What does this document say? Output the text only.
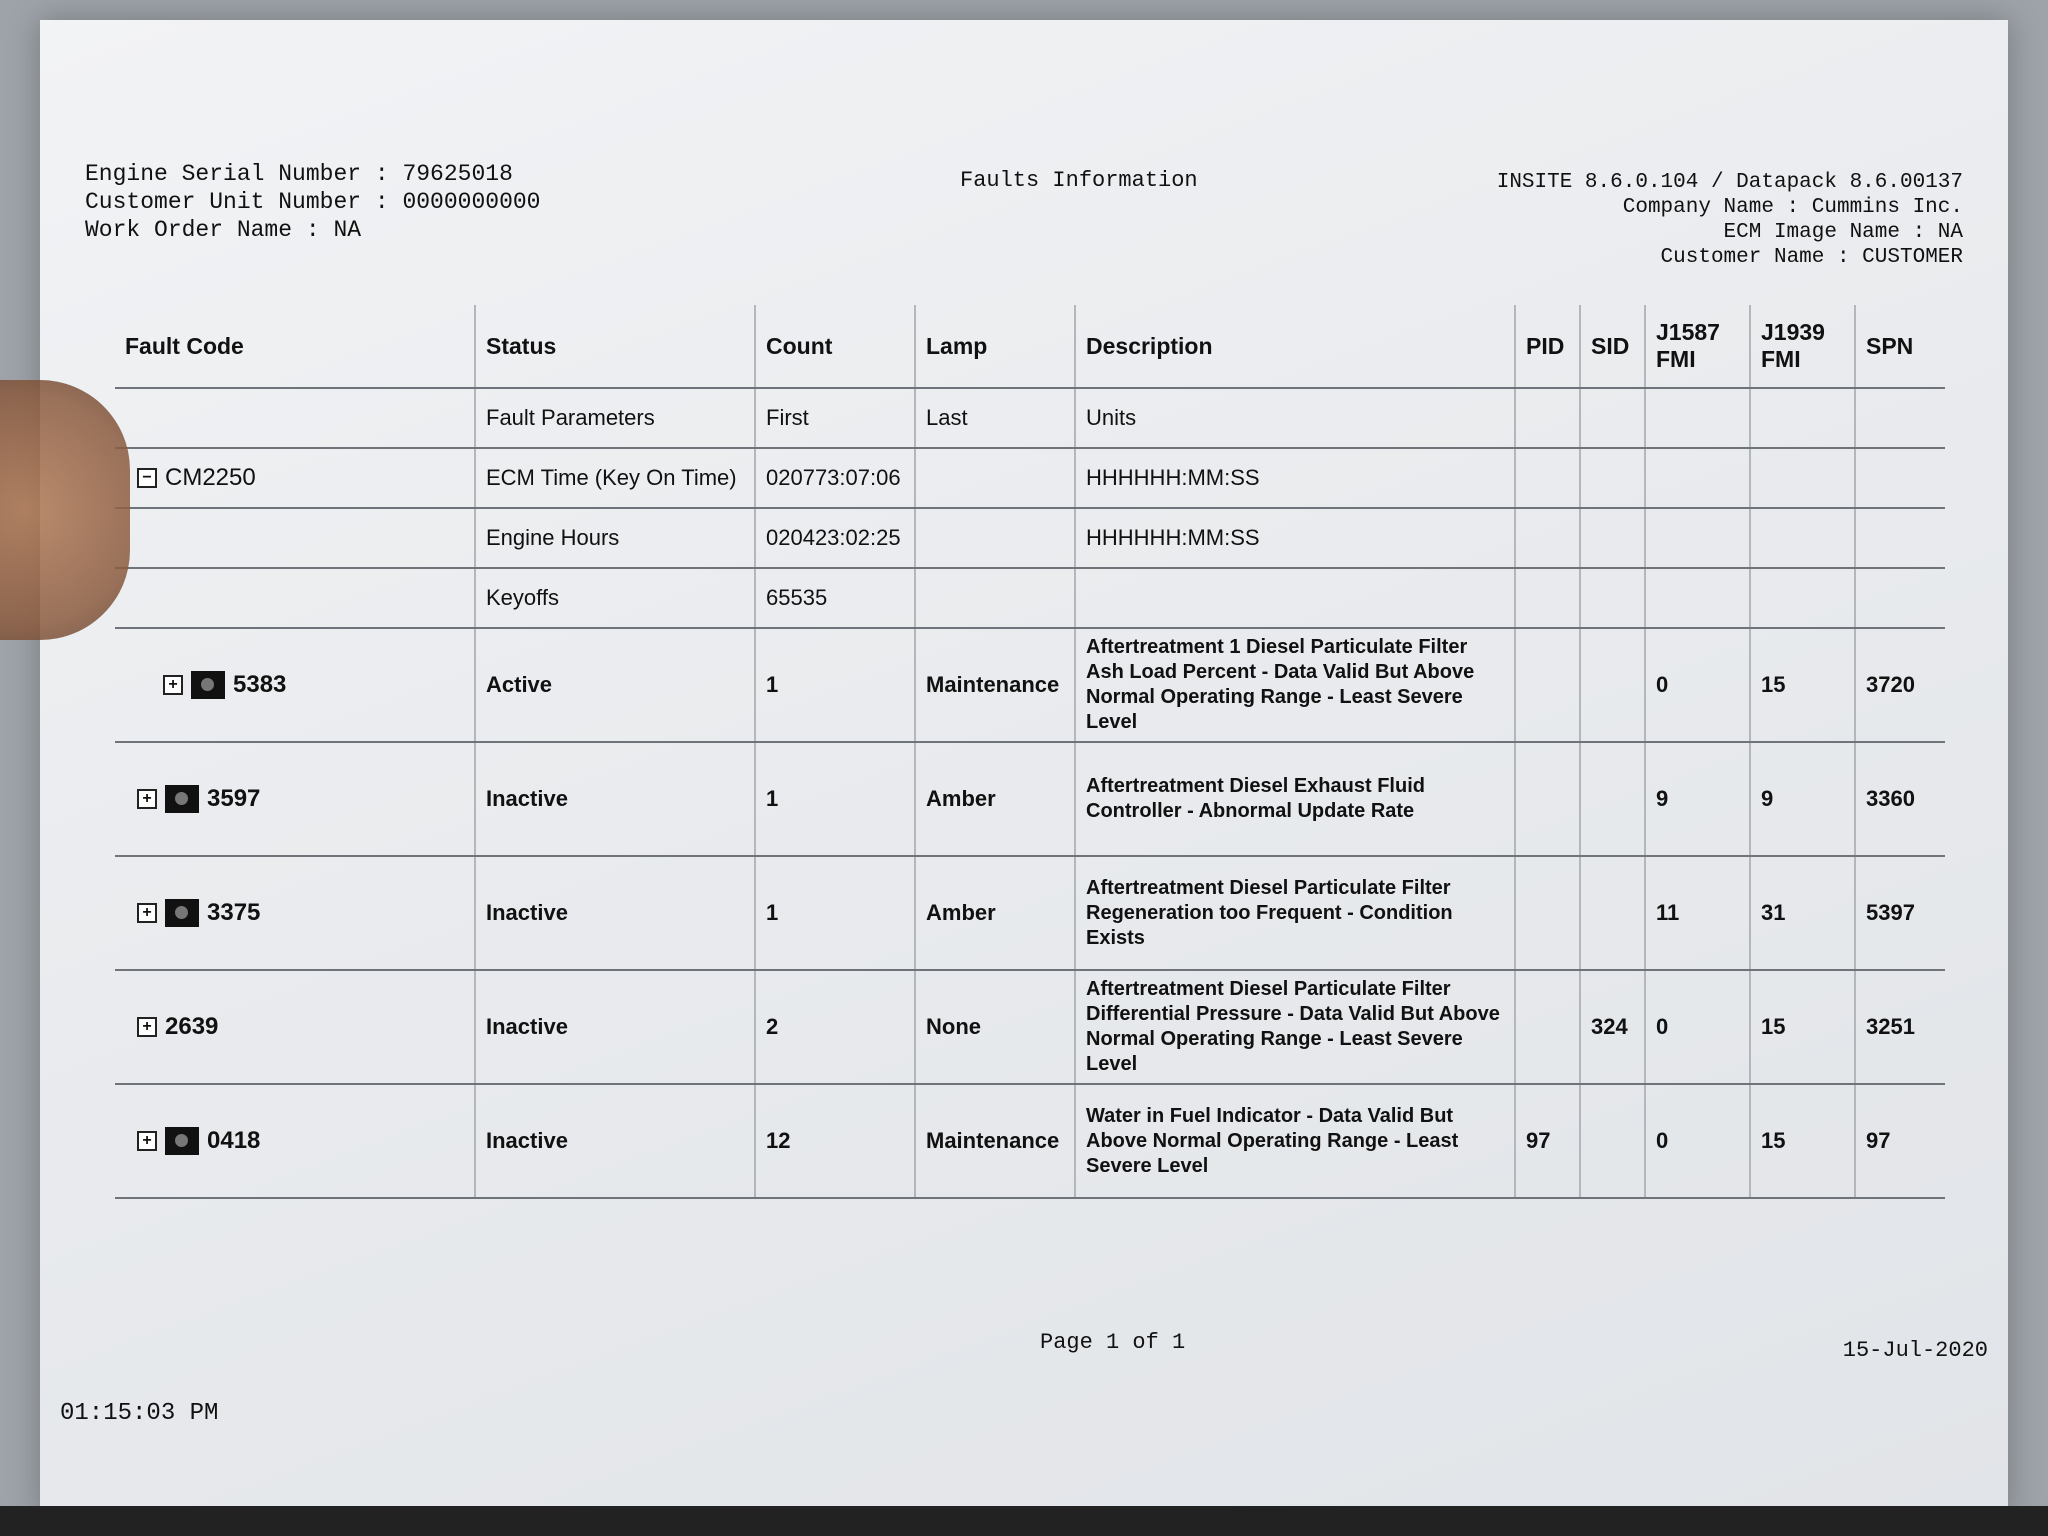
Engine Serial Number : 79625018
Customer Unit Number : 0000000000
Work Order Name : NA
Faults Information	INSITE 8.6.0.104 / Datapack 8.6.00137
Company Name : Cummins Inc.
ECM Image Name : NA
Customer Name : CUSTOMER
Fault Code	Status	Count	Lamp	Description	PID	SID	J1587 FMI	J1939 FMI	SPN
	Fault Parameters	First	Last	Units					
− CM2250	ECM Time (Key On Time)	020773:07:06		HHHHHH:MM:SS					
	Engine Hours	020423:02:25		HHHHHH:MM:SS					
	Keyoffs	65535							
+ 5383	Active	1	Maintenance	Aftertreatment 1 Diesel Particulate Filter Ash Load Percent - Data Valid But Above Normal Operating Range - Least Severe Level			0	15	3720
+ 3597	Inactive	1	Amber	Aftertreatment Diesel Exhaust Fluid Controller - Abnormal Update Rate			9	9	3360
+ 3375	Inactive	1	Amber	Aftertreatment Diesel Particulate Filter Regeneration too Frequent - Condition Exists			11	31	5397
+ 2639	Inactive	2	None	Aftertreatment Diesel Particulate Filter Differential Pressure - Data Valid But Above Normal Operating Range - Least Severe Level		324	0	15	3251
+ 0418	Inactive	12	Maintenance	Water in Fuel Indicator - Data Valid But Above Normal Operating Range - Least Severe Level	97		0	15	97
Page 1 of 1	15-Jul-2020
01:15:03 PM
